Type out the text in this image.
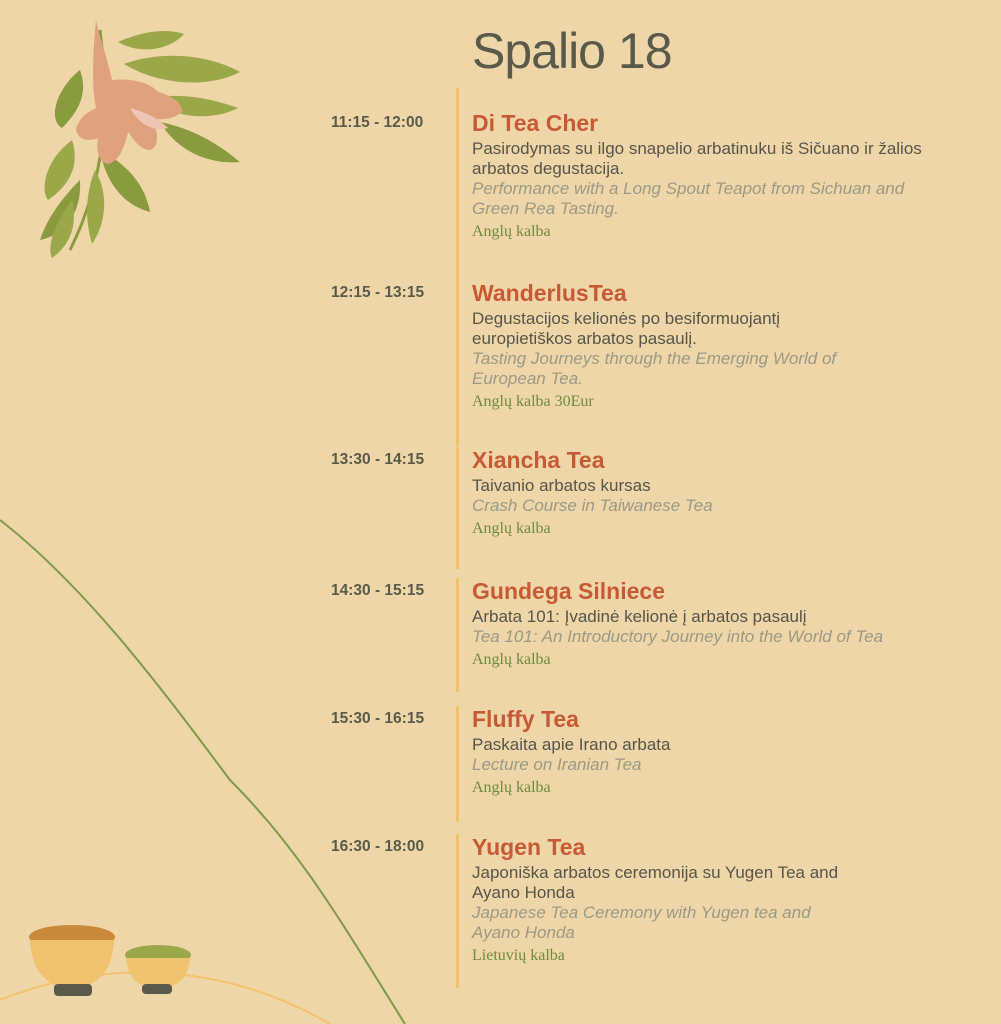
Spalio 18
11:15 - 12:00 Di Tea Cher

Pasirodymas su ilgo snapelio arbatinuku iš Sičuano ir žalios arbatos degustacija.

Performance with a Long Spout Teapot from Sichuan and Green Rea Tasting.

Anglų kalba

12:15 - 13:15 WanderlusTea

Degustacijos kelionės po besiformuojantį europietiškos arbatos pasaulį.

Tasting Journeys through the Emerging World of European Tea.

Anglų kalba 30Eur

13:30 - 14:15 Xiancha Tea

Taivanio arbatos kursas

Crash Course in Taiwanese Tea

Anglų kalba

14:30 - 15:15 Gundega Silniece

Arbata 101: Įvadinė kelionė į arbatos pasaulį

Tea 101: An Introductory Journey into the World of Tea

Anglų kalba

15:30 - 16:15 Fluffy Tea

Paskaita apie Irano arbata

Lecture on Iranian Tea

Anglų kalba

16:30 - 18:00 Yugen Tea

Japoniška arbatos ceremonija su Yugen Tea and Ayano Honda

Japanese Tea Ceremony with Yugen tea and Ayano Honda

Lietuvių kalba
